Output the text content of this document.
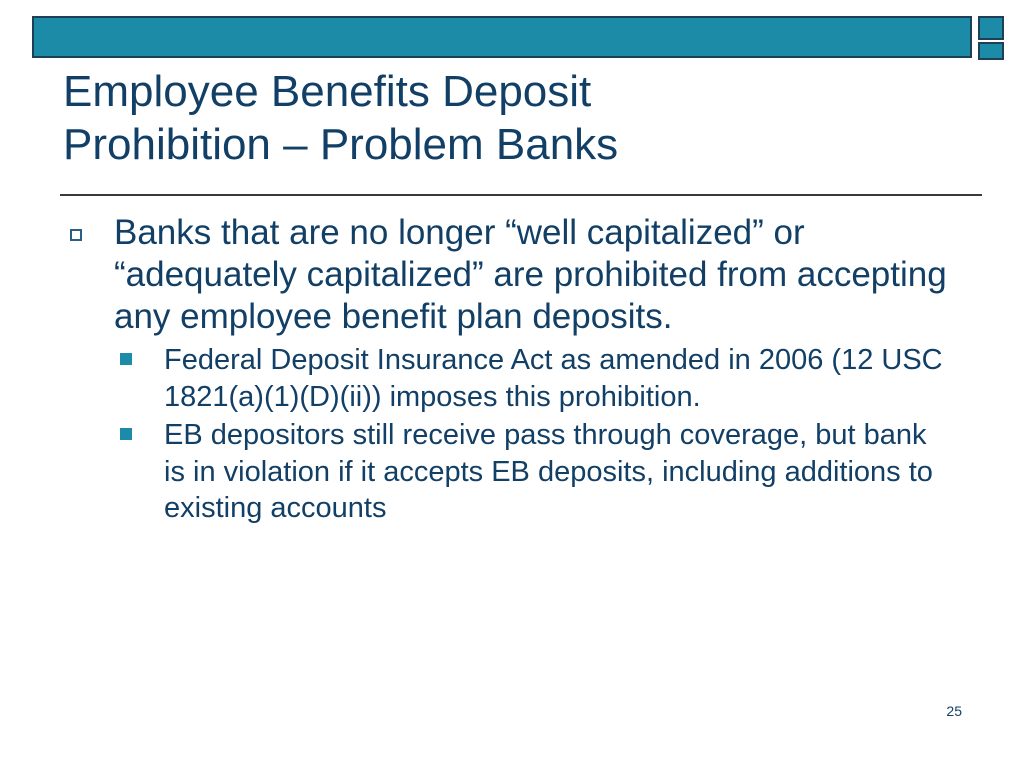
Employee Benefits Deposit
Prohibition – Problem Banks
Banks that are no longer “well capitalized” or “adequately capitalized” are prohibited from accepting any employee benefit plan deposits.
Federal Deposit Insurance Act as amended in 2006 (12 USC 1821(a)(1)(D)(ii)) imposes this prohibition.
EB depositors still receive pass through coverage, but bank is in violation if it accepts EB deposits, including additions to existing accounts
25
